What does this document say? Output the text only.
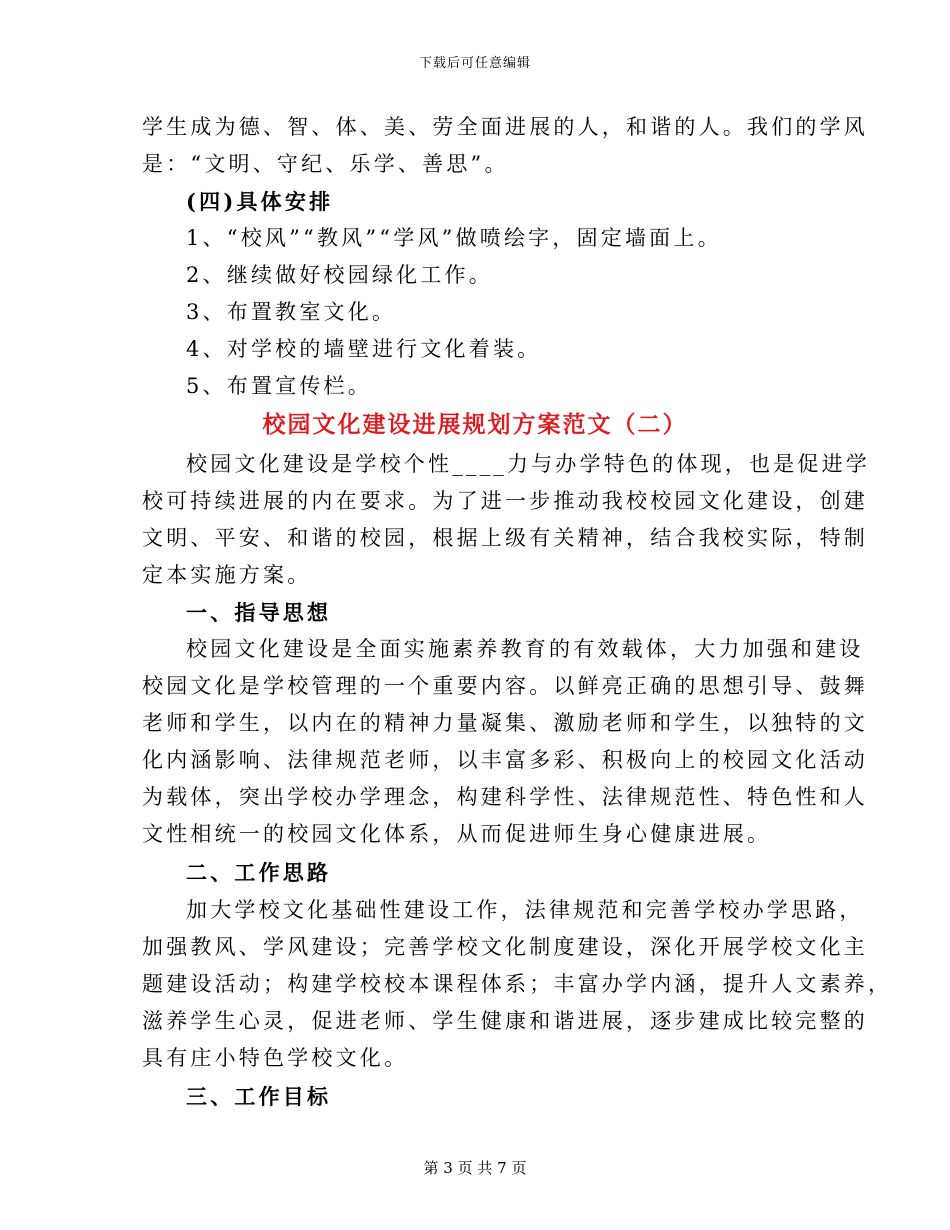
下载后可任意编辑
学生成为德、智、体、美、劳全面进展的人，和谐的人。我们的学风
是：“文明、守纪、乐学、善思”。
(四)具体安排
1、“校风”“教风”“学风”做喷绘字，固定墙面上。
2、继续做好校园绿化工作。
3、布置教室文化。
4、对学校的墙壁进行文化着装。
5、布置宣传栏。
校园文化建设进展规划方案范文（二）
校园文化建设是学校个性____力与办学特色的体现，也是促进学
校可持续进展的内在要求。为了进一步推动我校校园文化建设，创建
文明、平安、和谐的校园，根据上级有关精神，结合我校实际，特制
定本实施方案。
一、指导思想
校园文化建设是全面实施素养教育的有效载体，大力加强和建设
校园文化是学校管理的一个重要内容。以鲜亮正确的思想引导、鼓舞
老师和学生，以内在的精神力量凝集、激励老师和学生，以独特的文
化内涵影响、法律规范老师，以丰富多彩、积极向上的校园文化活动
为载体，突出学校办学理念，构建科学性、法律规范性、特色性和人
文性相统一的校园文化体系，从而促进师生身心健康进展。
二、工作思路
加大学校文化基础性建设工作，法律规范和完善学校办学思路，
加强教风、学风建设；完善学校文化制度建设，深化开展学校文化主
题建设活动；构建学校校本课程体系；丰富办学内涵，提升人文素养，
滋养学生心灵，促进老师、学生健康和谐进展，逐步建成比较完整的
具有庄小特色学校文化。
三、工作目标
第 3 页 共 7 页
